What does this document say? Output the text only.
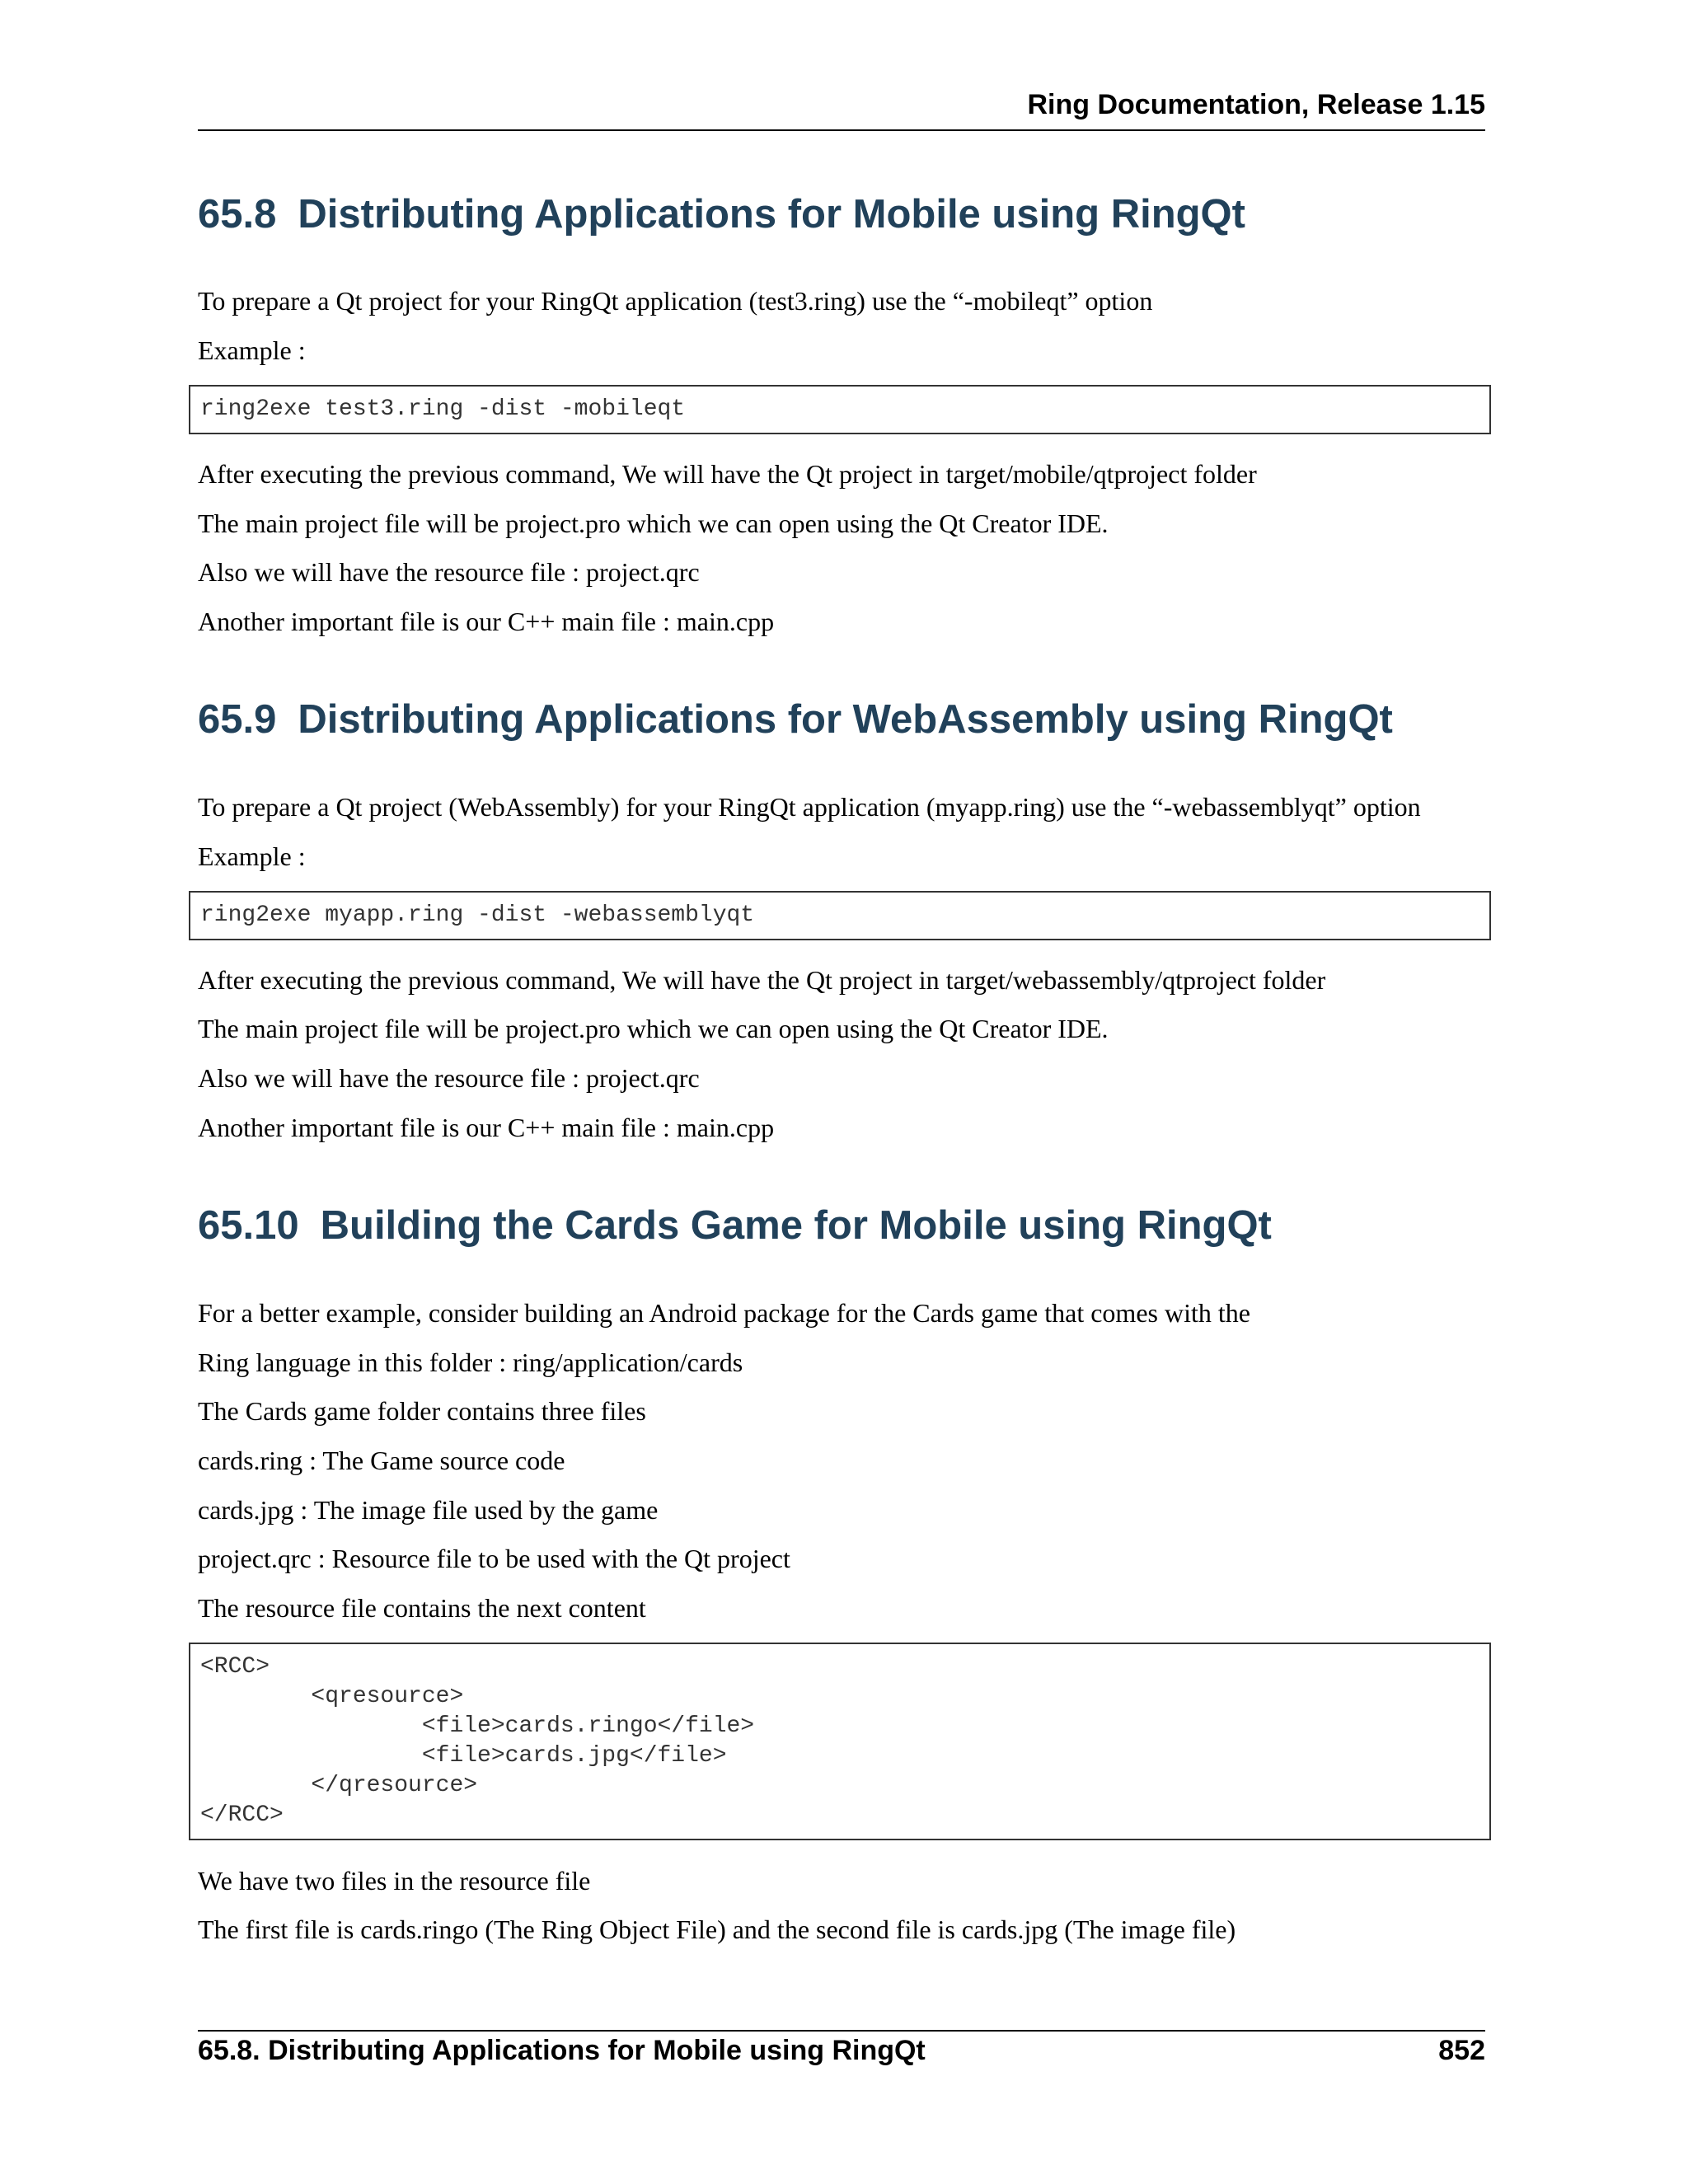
Ring Documentation, Release 1.15
65.8 Distributing Applications for Mobile using RingQt

To prepare a Qt project for your RingQt application (test3.ring) use the “-mobileqt” option

Example :

ring2exe test3.ring -dist -mobileqt

After executing the previous command, We will have the Qt project in target/mobile/qtproject folder

The main project file will be project.pro which we can open using the Qt Creator IDE.

Also we will have the resource file : project.qrc

Another important file is our C++ main file : main.cpp

65.9 Distributing Applications for WebAssembly using RingQt

To prepare a Qt project (WebAssembly) for your RingQt application (myapp.ring) use the “-webassemblyqt” option

Example :

ring2exe myapp.ring -dist -webassemblyqt

After executing the previous command, We will have the Qt project in target/webassembly/qtproject folder

The main project file will be project.pro which we can open using the Qt Creator IDE.

Also we will have the resource file : project.qrc

Another important file is our C++ main file : main.cpp

65.10 Building the Cards Game for Mobile using RingQt

For a better example, consider building an Android package for the Cards game that comes with the

Ring language in this folder : ring/application/cards

The Cards game folder contains three files

cards.ring : The Game source code

cards.jpg : The image file used by the game

project.qrc : Resource file to be used with the Qt project

The resource file contains the next content

<RCC>
<qresource>
<file>cards.ringo</file>
<file>cards.jpg</file>
</qresource>
</RCC>

We have two files in the resource file

The first file is cards.ringo (The Ring Object File) and the second file is cards.jpg (The image file)

65.8. Distributing Applications for Mobile using RingQt	852
